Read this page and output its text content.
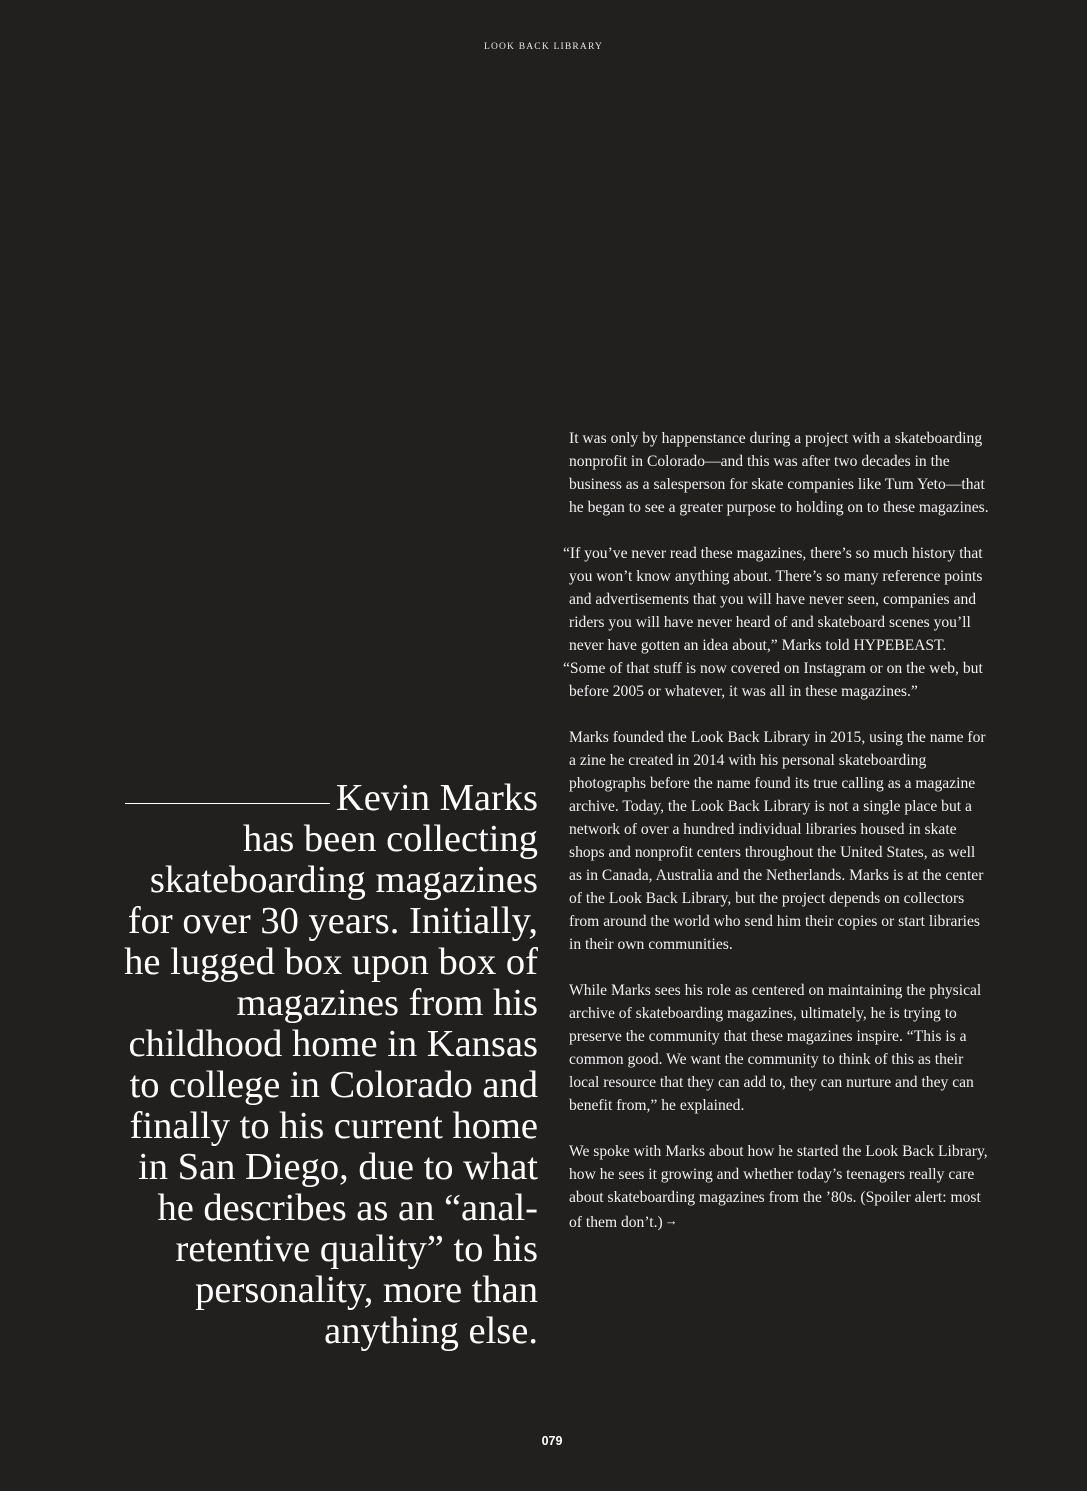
LOOK BACK LIBRARY

Kevin Marks has been collecting skateboarding magazines for over 30 years. Initially, he lugged box upon box of magazines from his childhood home in Kansas to college in Colorado and finally to his current home in San Diego, due to what he describes as an “anal-retentive quality” to his personality, more than anything else.

It was only by happenstance during a project with a skateboarding nonprofit in Colorado—and this was after two decades in the business as a salesperson for skate companies like Tum Yeto—that he began to see a greater purpose to holding on to these magazines.

“If you’ve never read these magazines, there’s so much history that you won’t know anything about. There’s so many reference points and advertisements that you will have never seen, companies and riders you will have never heard of and skateboard scenes you’ll never have gotten an idea about,” Marks told HYPEBEAST.

“Some of that stuff is now covered on Instagram or on the web, but before 2005 or whatever, it was all in these magazines.”

Marks founded the Look Back Library in 2015, using the name for a zine he created in 2014 with his personal skateboarding photographs before the name found its true calling as a magazine archive. Today, the Look Back Library is not a single place but a network of over a hundred individual libraries housed in skate shops and nonprofit centers throughout the United States, as well as in Canada, Australia and the Netherlands. Marks is at the center of the Look Back Library, but the project depends on collectors from around the world who send him their copies or start libraries in their own communities.

While Marks sees his role as centered on maintaining the physical archive of skateboarding magazines, ultimately, he is trying to preserve the community that these magazines inspire. “This is a common good. We want the community to think of this as their local resource that they can add to, they can nurture and they can benefit from,” he explained.

We spoke with Marks about how he started the Look Back Library, how he sees it growing and whether today’s teenagers really care about skateboarding magazines from the ’80s. (Spoiler alert: most of them don’t.) →

079
